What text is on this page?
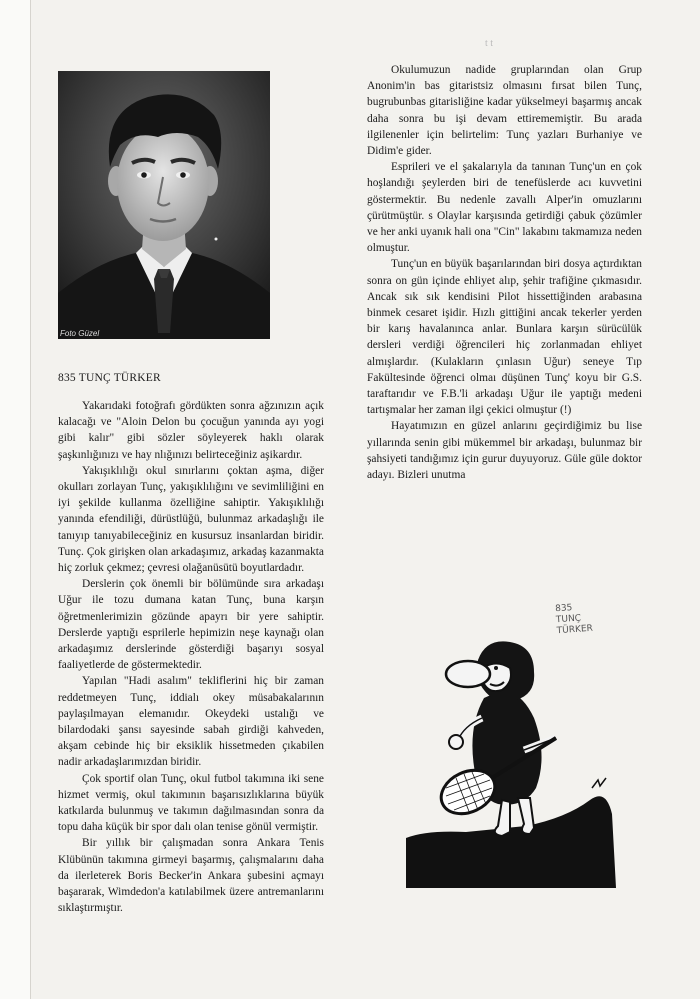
t t
Foto Güzel
835 TUNÇ TÜRKER

Yakarıdaki fotoğrafı gördükten sonra ağzınızın açık kalacağı ve "Aloin Delon bu çocuğun yanında ayı yogi gibi kalır" gibi sözler söyleyerek haklı olarak şaşkınlığınızı ve hay nlığınızı belirteceğiniz aşikardır.

Yakışıklılığı okul sınırlarını çoktan aşma, diğer okulları zorlayan Tunç, yakışıklılığını ve sevimliliğini en iyi şekilde kullanma özelliğine sahiptir. Yakışıklılığı yanında efendiliği, dürüstlüğü, bulunmaz arkadaşlığı ile tanıyıp tanıyabileceğiniz en kusursuz insanlardan biridir. Tunç. Çok girişken olan arkadaşımız, arkadaş kazanmakta hiç zorluk çekmez; çevresi olağanüsütü boyutlardadır.

Derslerin çok önemli bir bölümünde sıra arkadaşı Uğur ile tozu dumana katan Tunç, buna karşın öğretmenlerimizin gözünde apayrı bir yere sahiptir. Derslerde yaptığı esprilerle hepimizin neşe kaynağı olan arkadaşımız derslerinde gösterdiği başarıyı sosyal faaliyetlerde de göstermektedir.

Yapılan "Hadi asalım" tekliflerini hiç bir zaman reddetmeyen Tunç, iddialı okey müsabakalarının paylaşılmayan elemanıdır. Okeydeki ustalığı ve bilardodaki şansı sayesinde sabah girdiği kahveden, akşam cebinde hiç bir eksiklik hissetmeden çıkabilen nadir arkadaşlarımızdan biridir.

Çok sportif olan Tunç, okul futbol takımına iki sene hizmet vermiş, okul takımının başarısızlıklarına büyük katkılarda bulunmuş ve takımın dağılmasından sonra da topu daha küçük bir spor dalı olan tenise gönül vermiştir.

Bir yıllık bir çalışmadan sonra Ankara Tenis Klübünün takımına girmeyi başarmış, çalışmalarını daha da ilerleterek Boris Becker'in Ankara şubesini açmayı başararak, Wimdedon'a katılabilmek üzere antremanlarını sıklaştırmıştır.

Okulumuzun nadide gruplarından olan Grup Anonim'in bas gitaristsiz olmasını fırsat bilen Tunç, bugrubunbas gitarisliğine kadar yükselmeyi başarmış ancak daha sonra bu işi devam ettirememiştir. Bu arada ilgilenenler için belirtelim: Tunç yazları Burhaniye ve Didim'e gider.

Esprileri ve el şakalarıyla da tanınan Tunç'un en çok hoşlandığı şeylerden biri de tenefüslerde acı kuvvetini göstermektir. Bu nedenle zavallı Alper'in omuzlarını çürütmüştür. s Olaylar karşısında getirdiği çabuk çözümler ve her anki uyanık hali ona "Cin" lakabını takmamıza neden olmuştur.

Tunç'un en büyük başarılarından biri dosya açtırdıktan sonra on gün içinde ehliyet alıp, şehir trafiğine çıkmasıdır. Ancak sık sık kendisini Pilot hissettiğinden arabasına binmek cesaret işidir. Hızlı gittiğini ancak tekerler yerden bir karış havalanınca anlar. Bunlara karşın sürücülük dersleri verdiği öğrencileri hiç zorlanmadan ehliyet almışlardır. (Kulakların çınlasın Uğur) seneye Tıp Fakültesinde öğrenci olmaı düşünen Tunç' koyu bir G.S. taraftarıdır ve F.B.'li arkadaşı Uğur ile yaptığı medeni tartışmalar her zaman ilgi çekici olmuştur (!)

Hayatımızın en güzel anlarını geçirdiğimiz bu lise yıllarında senin gibi mükemmel bir arkadaşı, bulunmaz bir şahsiyeti tandığımız için gurur duyuyoruz. Güle güle doktor adayı. Bizleri unutma

835
TUNÇ
TÜRKER
